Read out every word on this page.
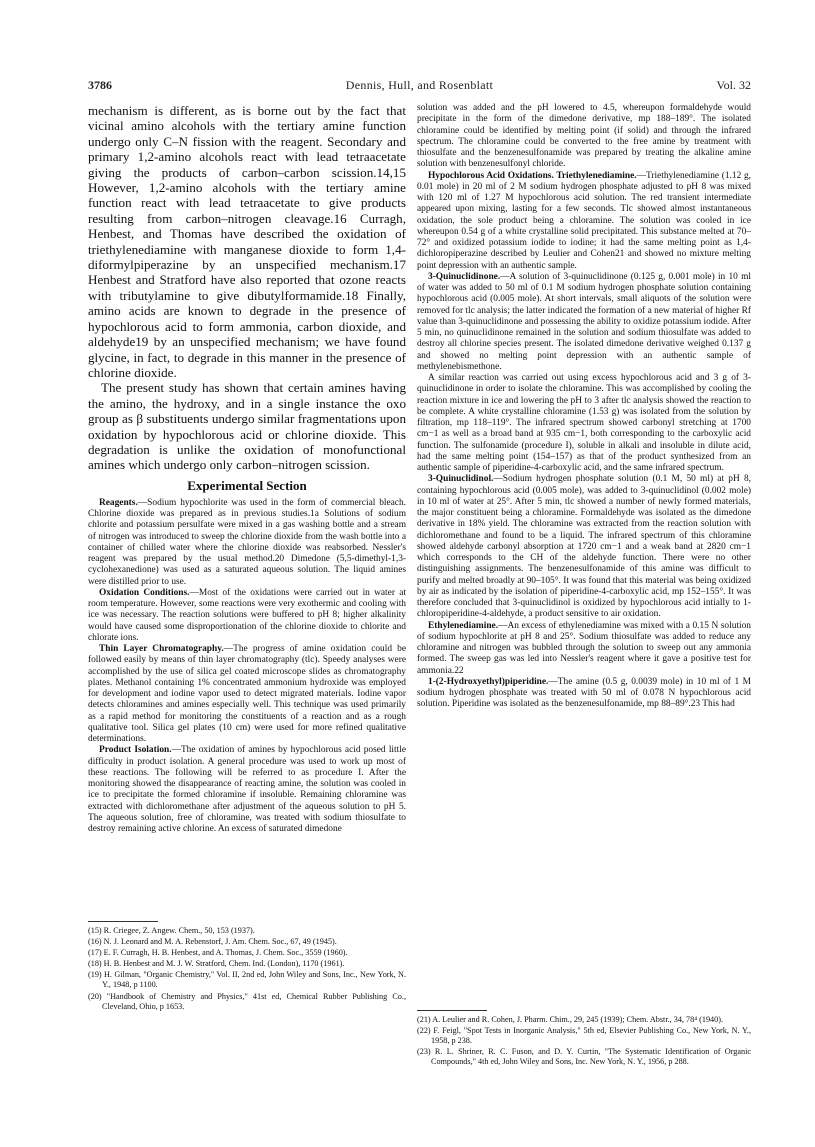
3786	Dennis, Hull, and Rosenblatt	Vol. 32

mechanism is different, as is borne out by the fact that vicinal amino alcohols with the tertiary amine function undergo only C–N fission with the reagent. Secondary and primary 1,2-amino alcohols react with lead tetraacetate giving the products of carbon–carbon scission.14,15 However, 1,2-amino alcohols with the tertiary amine function react with lead tetraacetate to give products resulting from carbon–nitrogen cleavage.16 Curragh, Henbest, and Thomas have described the oxidation of triethylenediamine with manganese dioxide to form 1,4-diformylpiperazine by an unspecified mechanism.17 Henbest and Stratford have also reported that ozone reacts with tributylamine to give dibutylformamide.18 Finally, amino acids are known to degrade in the presence of hypochlorous acid to form ammonia, carbon dioxide, and aldehyde19 by an unspecified mechanism; we have found glycine, in fact, to degrade in this manner in the presence of chlorine dioxide.

The present study has shown that certain amines having the amino, the hydroxy, and in a single instance the oxo group as β substituents undergo similar fragmentations upon oxidation by hypochlorous acid or chlorine dioxide. This degradation is unlike the oxidation of monofunctional amines which undergo only carbon–nitrogen scission.

Experimental Section

Reagents.—Sodium hypochlorite was used in the form of commercial bleach. Chlorine dioxide was prepared as in previous studies.1a Solutions of sodium chlorite and potassium persulfate were mixed in a gas washing bottle and a stream of nitrogen was introduced to sweep the chlorine dioxide from the wash bottle into a container of chilled water where the chlorine dioxide was reabsorbed. Nessler's reagent was prepared by the usual method.20 Dimedone (5,5-dimethyl-1,3-cyclohexanedione) was used as a saturated aqueous solution. The liquid amines were distilled prior to use.

Oxidation Conditions.—Most of the oxidations were carried out in water at room temperature. However, some reactions were very exothermic and cooling with ice was necessary. The reaction solutions were buffered to pH 8; higher alkalinity would have caused some disproportionation of the chlorine dioxide to chlorite and chlorate ions.

Thin Layer Chromatography.—The progress of amine oxidation could be followed easily by means of thin layer chromatography (tlc). Speedy analyses were accomplished by the use of silica gel coated microscope slides as chromatography plates. Methanol containing 1% concentrated ammonium hydroxide was employed for development and iodine vapor used to detect migrated materials. Iodine vapor detects chloramines and amines especially well. This technique was used primarily as a rapid method for monitoring the constituents of a reaction and as a rough qualitative tool. Silica gel plates (10 cm) were used for more refined qualitative determinations.

Product Isolation.—The oxidation of amines by hypochlorous acid posed little difficulty in product isolation. A general procedure was used to work up most of these reactions. The following will be referred to as procedure I. After the monitoring showed the disappearance of reacting amine, the solution was cooled in ice to precipitate the formed chloramine if insoluble. Remaining chloramine was extracted with dichloromethane after adjustment of the aqueous solution to pH 5. The aqueous solution, free of chloramine, was treated with sodium thiosulfate to destroy remaining active chlorine. An excess of saturated dimedone

(15) R. Criegee, Z. Angew. Chem., 50, 153 (1937).

(16) N. J. Leonard and M. A. Rebenstorf, J. Am. Chem. Soc., 67, 49 (1945).

(17) E. F. Curragh, H. B. Henbest, and A. Thomas, J. Chem. Soc., 3559 (1960).

(18) H. B. Henbest and M. J. W. Stratford, Chem. Ind. (London), 1170 (1961).

(19) H. Gilman, "Organic Chemistry," Vol. II, 2nd ed, John Wiley and Sons, Inc., New York, N. Y., 1948, p 1100.

(20) "Handbook of Chemistry and Physics," 41st ed, Chemical Rubber Publishing Co., Cleveland, Ohio, p 1653.

solution was added and the pH lowered to 4.5, whereupon formaldehyde would precipitate in the form of the dimedone derivative, mp 188–189°. The isolated chloramine could be identified by melting point (if solid) and through the infrared spectrum. The chloramine could be converted to the free amine by treatment with thiosulfate and the benzenesulfonamide was prepared by treating the alkaline amine solution with benzenesulfonyl chloride.

Hypochlorous Acid Oxidations. Triethylenediamine.—Triethylenediamine (1.12 g, 0.01 mole) in 20 ml of 2 M sodium hydrogen phosphate adjusted to pH 8 was mixed with 120 ml of 1.27 M hypochlorous acid solution. The red transient intermediate appeared upon mixing, lasting for a few seconds. Tlc showed almost instantaneous oxidation, the sole product being a chloramine. The solution was cooled in ice whereupon 0.54 g of a white crystalline solid precipitated. This substance melted at 70–72° and oxidized potassium iodide to iodine; it had the same melting point as 1,4-dichloropiperazine described by Leulier and Cohen21 and showed no mixture melting point depression with an authentic sample.

3-Quinuclidinone.—A solution of 3-quinuclidinone (0.125 g, 0.001 mole) in 10 ml of water was added to 50 ml of 0.1 M sodium hydrogen phosphate solution containing hypochlorous acid (0.005 mole). At short intervals, small aliquots of the solution were removed for tlc analysis; the latter indicated the formation of a new material of higher Rf value than 3-quinuclidinone and possessing the ability to oxidize potassium iodide. After 5 min, no quinuclidinone remained in the solution and sodium thiosulfate was added to destroy all chlorine species present. The isolated dimedone derivative weighed 0.137 g and showed no melting point depression with an authentic sample of methylenebismethone.

A similar reaction was carried out using excess hypochlorous acid and 3 g of 3-quinuclidinone in order to isolate the chloramine. This was accomplished by cooling the reaction mixture in ice and lowering the pH to 3 after tlc analysis showed the reaction to be complete. A white crystalline chloramine (1.53 g) was isolated from the solution by filtration, mp 118–119°. The infrared spectrum showed carbonyl stretching at 1700 cm−1 as well as a broad band at 935 cm−1, both corresponding to the carboxylic acid function. The sulfonamide (procedure I), soluble in alkali and insoluble in dilute acid, had the same melting point (154–157) as that of the product synthesized from an authentic sample of piperidine-4-carboxylic acid, and the same infrared spectrum.

3-Quinuclidinol.—Sodium hydrogen phosphate solution (0.1 M, 50 ml) at pH 8, containing hypochlorous acid (0.005 mole), was added to 3-quinuclidinol (0.002 mole) in 10 ml of water at 25°. After 5 min, tlc showed a number of newly formed materials, the major constituent being a chloramine. Formaldehyde was isolated as the dimedone derivative in 18% yield. The chloramine was extracted from the reaction solution with dichloromethane and found to be a liquid. The infrared spectrum of this chloramine showed aldehyde carbonyl absorption at 1720 cm−1 and a weak band at 2820 cm−1 which corresponds to the CH of the aldehyde function. There were no other distinguishing assignments. The benzenesulfonamide of this amine was difficult to purify and melted broadly at 90–105°. It was found that this material was being oxidized by air as indicated by the isolation of piperidine-4-carboxylic acid, mp 152–155°. It was therefore concluded that 3-quinuclidinol is oxidized by hypochlorous acid intially to 1-chloropiperidine-4-aldehyde, a product sensitive to air oxidation.

Ethylenediamine.—An excess of ethylenediamine was mixed with a 0.15 N solution of sodium hypochlorite at pH 8 and 25°. Sodium thiosulfate was added to reduce any chloramine and nitrogen was bubbled through the solution to sweep out any ammonia formed. The sweep gas was led into Nessler's reagent where it gave a positive test for ammonia.22

1-(2-Hydroxyethyl)piperidine.—The amine (0.5 g, 0.0039 mole) in 10 ml of 1 M sodium hydrogen phosphate was treated with 50 ml of 0.078 N hypochlorous acid solution. Piperidine was isolated as the benzenesulfonamide, mp 88–89°.23 This had

(21) A. Leulier and R. Cohen, J. Pharm. Chim., 29, 245 (1939); Chem. Abstr., 34, 78⁴ (1940).

(22) F. Feigl, "Spot Tests in Inorganic Analysis," 5th ed, Elsevier Publishing Co., New York, N. Y., 1958, p 238.

(23) R. L. Shriner, R. C. Fuson, and D. Y. Curtin, "The Systematic Identification of Organic Compounds," 4th ed, John Wiley and Sons, Inc. New York, N. Y., 1956, p 288.
